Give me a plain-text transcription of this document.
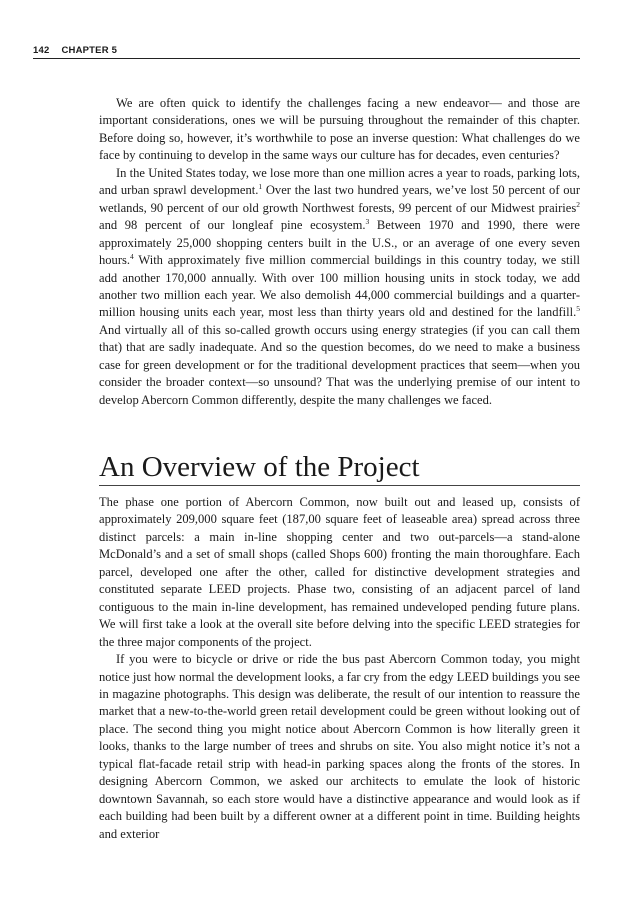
142 CHAPTER 5

We are often quick to identify the challenges facing a new endeavor— and those are important considerations, ones we will be pursuing throughout the remainder of this chapter. Before doing so, however, it’s worthwhile to pose an inverse question: What challenges do we face by continuing to develop in the same ways our culture has for decades, even centuries?

In the United States today, we lose more than one million acres a year to roads, parking lots, and urban sprawl development.$^1$ Over the last two hundred years, we’ve lost 50 percent of our wetlands, 90 percent of our old growth Northwest forests, 99 percent of our Midwest prairies$^2$ and 98 percent of our longleaf pine ecosystem.$^3$ Between 1970 and 1990, there were approximately 25,000 shopping centers built in the U.S., or an average of one every seven hours.$^4$ With approximately five million commercial buildings in this country today, we still add another 170,000 annually. With over 100 million housing units in stock today, we add another two million each year. We also demolish 44,000 commercial buildings and a quarter-million housing units each year, most less than thirty years old and destined for the landfill.$^5$ And virtually all of this so-called growth occurs using energy strategies (if you can call them that) that are sadly inadequate. And so the question becomes, do we need to make a business case for green development or for the traditional development practices that seem—when you consider the broader context—so unsound? That was the underlying premise of our intent to develop Abercorn Common differently, despite the many challenges we faced.

An Overview of the Project

The phase one portion of Abercorn Common, now built out and leased up, consists of approximately 209,000 square feet (187,00 square feet of leaseable area) spread across three distinct parcels: a main in-line shopping center and two out-parcels—a stand-alone McDonald’s and a set of small shops (called Shops 600) fronting the main thoroughfare. Each parcel, developed one after the other, called for distinctive development strategies and constituted separate LEED projects. Phase two, consisting of an adjacent parcel of land contiguous to the main in-line development, has remained undeveloped pending future plans. We will first take a look at the overall site before delving into the specific LEED strategies for the three major components of the project.

If you were to bicycle or drive or ride the bus past Abercorn Common today, you might notice just how normal the development looks, a far cry from the edgy LEED buildings you see in magazine photographs. This design was deliberate, the result of our intention to reassure the market that a new-to-the-world green retail development could be green without looking out of place. The second thing you might notice about Abercorn Common is how literally green it looks, thanks to the large number of trees and shrubs on site. You also might notice it’s not a typical flat-facade retail strip with head-in parking spaces along the fronts of the stores. In designing Abercorn Common, we asked our architects to emulate the look of historic downtown Savannah, so each store would have a distinctive appearance and would look as if each building had been built by a different owner at a different point in time. Building heights and exterior
